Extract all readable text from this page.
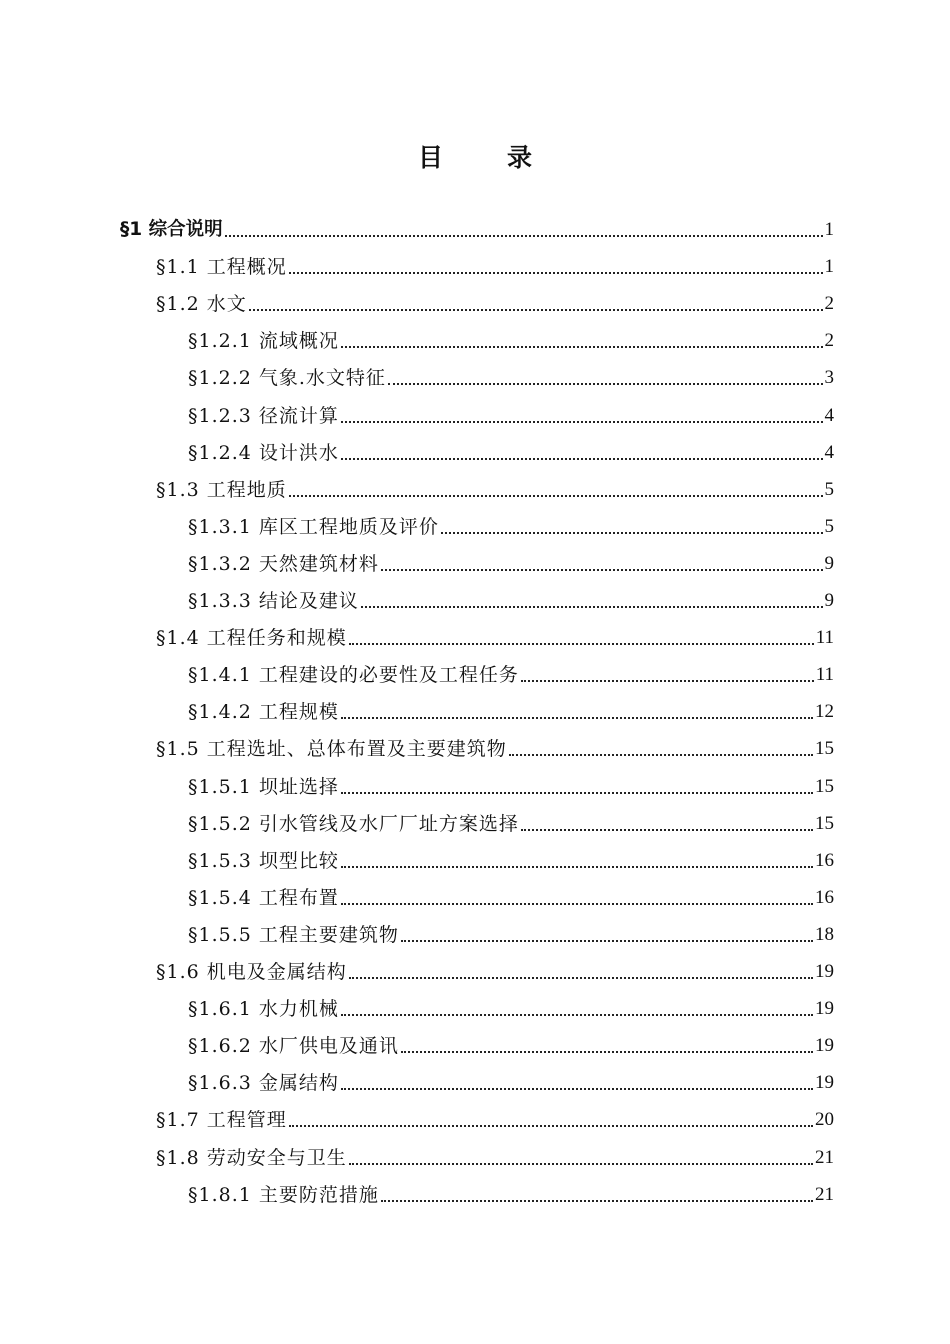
目	录
§1 综合说明	1
§1.1 工程概况	1
§1.2 水文	2
§1.2.1 流域概况	2
§1.2.2 气象.水文特征	3
§1.2.3 径流计算	4
§1.2.4 设计洪水	4
§1.3 工程地质	5
§1.3.1 库区工程地质及评价	5
§1.3.2 天然建筑材料	9
§1.3.3 结论及建议	9
§1.4 工程任务和规模	11
§1.4.1 工程建设的必要性及工程任务	11
§1.4.2 工程规模	12
§1.5 工程选址、总体布置及主要建筑物	15
§1.5.1 坝址选择	15
§1.5.2 引水管线及水厂厂址方案选择	15
§1.5.3 坝型比较	16
§1.5.4 工程布置	16
§1.5.5 工程主要建筑物	18
§1.6 机电及金属结构	19
§1.6.1 水力机械	19
§1.6.2 水厂供电及通讯	19
§1.6.3 金属结构	19
§1.7 工程管理	20
§1.8 劳动安全与卫生	21
§1.8.1 主要防范措施	21
